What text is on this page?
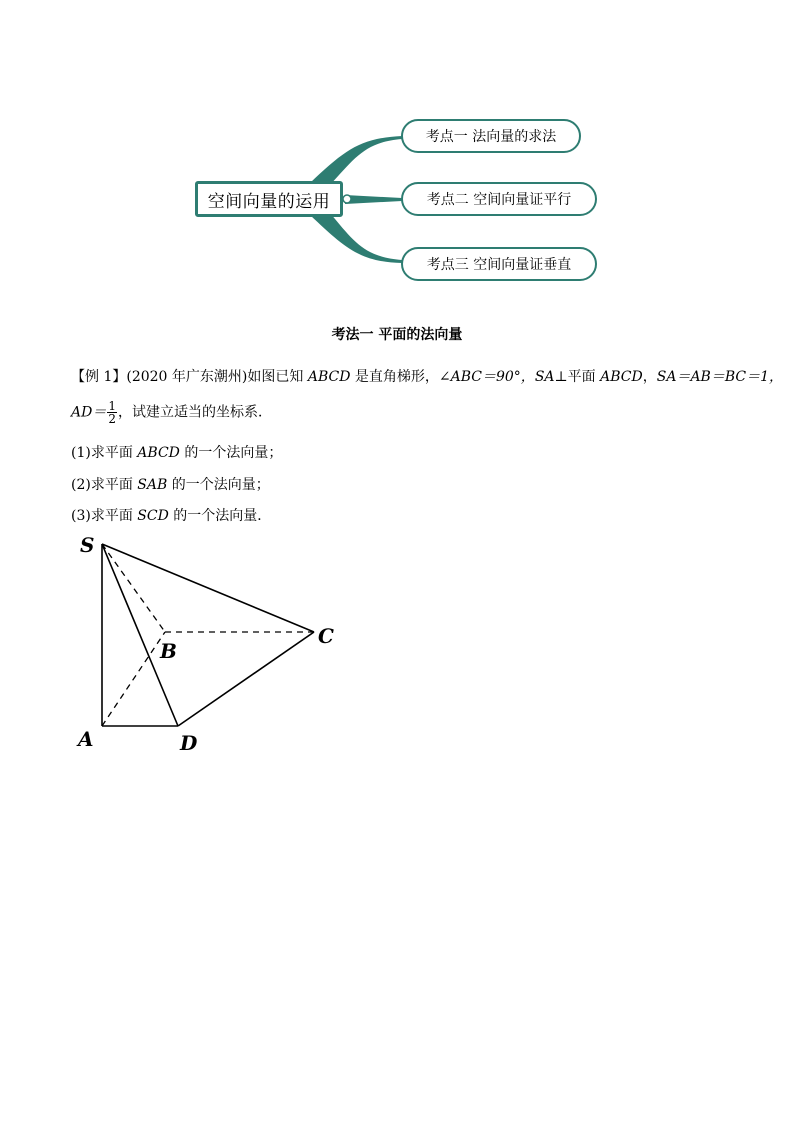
空间向量的运用
考点一 法向量的求法
考点二 空间向量证平行
考点三 空间向量证垂直
考法一 平面的法向量
【例 1】(2020 年广东潮州)如图已知 ABCD 是直角梯形，∠ABC＝90°，SA⊥平面 ABCD，SA＝AB＝BC＝1，
$AD= \frac{1}{2}$ ，试建立适当的坐标系．
(1)求平面 ABCD 的一个法向量；
(2)求平面 SAB 的一个法向量；
(3)求平面 SCD 的一个法向量．
S
B
C
A	D
